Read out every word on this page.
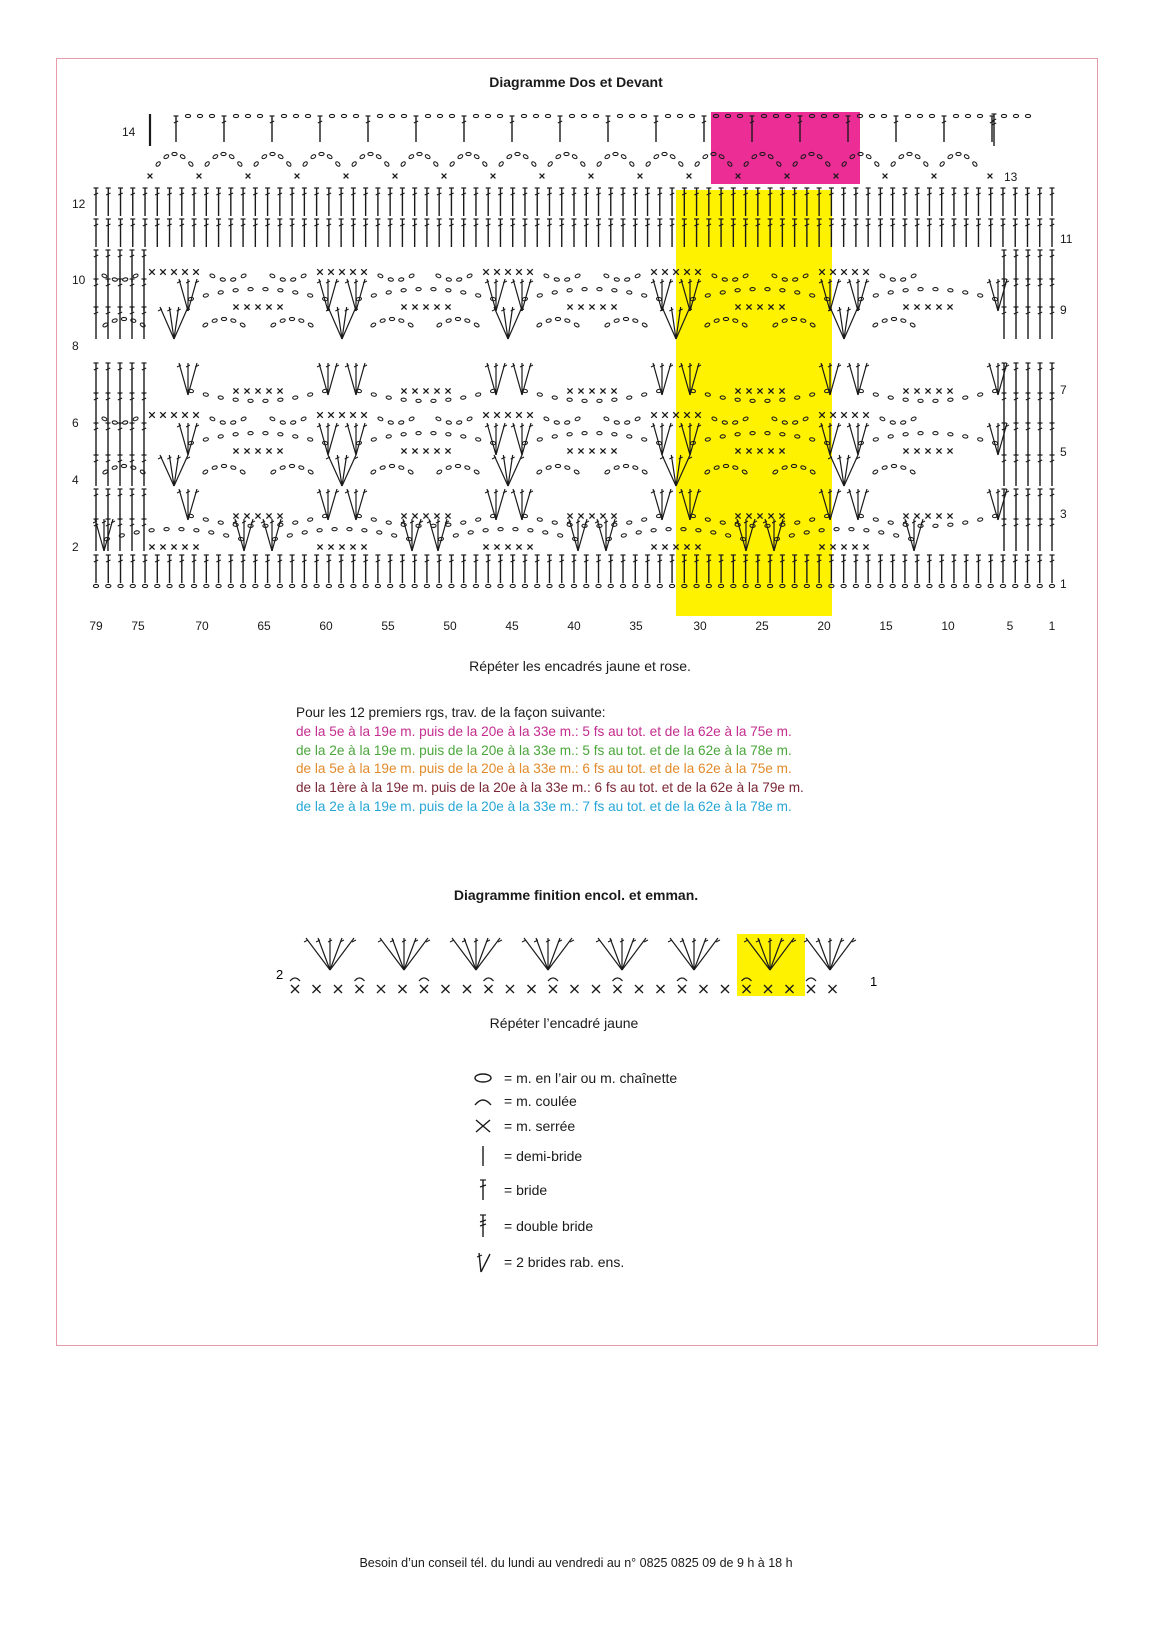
Diagramme Dos et Devant
14
12
10
8
6
4
2
13
11
9
7
5
3
1
79 75	70	65	60	55	50	45	40	35	30	25	20	15	10	5	1
Répéter les encadrés jaune et rose.
Pour les 12 premiers rgs, trav. de la façon suivante:
de la 5e à la 19e m. puis de la 20e à la 33e m.: 5 fs au tot. et de la 62e à la 75e m.
de la 2e à la 19e m. puis de la 20e à la 33e m.: 5 fs au tot. et de la 62e à la 78e m.
de la 5e à la 19e m. puis de la 20e à la 33e m.: 6 fs au tot. et de la 62e à la 75e m.
de la 1ère à la 19e m. puis de la 20e à la 33e m.: 6 fs au tot. et de la 62e à la 79e m.
de la 2e à la 19e m. puis de la 20e à la 33e m.: 7 fs au tot. et de la 62e à la 78e m.
Diagramme finition encol. et emman.
2	1
Répéter l’encadré jaune
= m. en l’air ou m. chaînette
= m. coulée
= m. serrée
= demi-bride
= bride
= double bride
= 2 brides rab. ens.
Besoin d’un conseil tél. du lundi au vendredi au n° 0825 0825 09 de 9 h à 18 h
